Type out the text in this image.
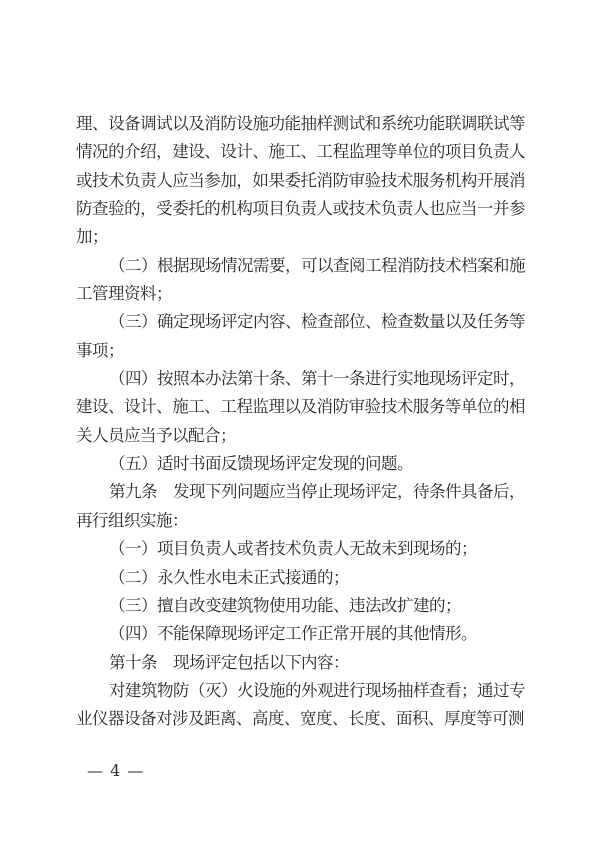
理、设备调试以及消防设施功能抽样测试和系统功能联调联试等情况的介绍，建设、设计、施工、工程监理等单位的项目负责人或技术负责人应当参加，如果委托消防审验技术服务机构开展消防查验的，受委托的机构项目负责人或技术负责人也应当一并参加；

（二）根据现场情况需要，可以查阅工程消防技术档案和施工管理资料；

（三）确定现场评定内容、检查部位、检查数量以及任务等事项；

（四）按照本办法第十条、第十一条进行实地现场评定时，建设、设计、施工、工程监理以及消防审验技术服务等单位的相关人员应当予以配合；

（五）适时书面反馈现场评定发现的问题。

第九条　发现下列问题应当停止现场评定，待条件具备后，再行组织实施：

（一）项目负责人或者技术负责人无故未到现场的；

（二）永久性水电未正式接通的；

（三）擅自改变建筑物使用功能、违法改扩建的；

（四）不能保障现场评定工作正常开展的其他情形。

第十条　现场评定包括以下内容：

对建筑物防（灭）火设施的外观进行现场抽样查看；通过专业仪器设备对涉及距离、高度、宽度、长度、面积、厚度等可测

— 4 —
